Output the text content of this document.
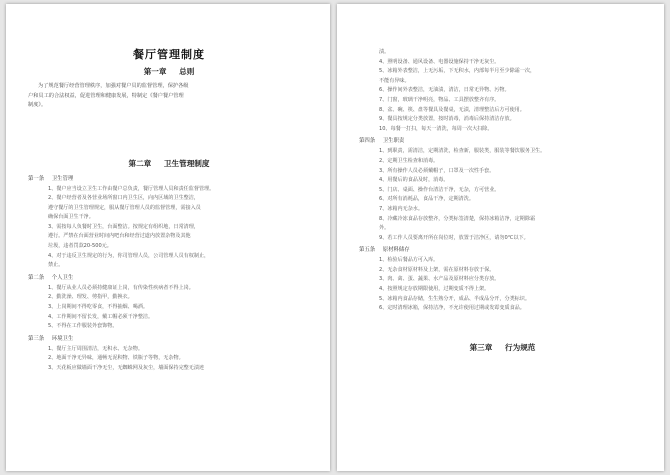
餐厅管理制度
第一章 总则
为了规范餐厅经营管理秩序，加强对餐户员的监督管理，保护各级
户和员工的合法权益，促进管理和健康发展，特制定《餐户餐户管理
制度》。
第二章 卫生管理制度
第一条 卫生管理
1、餐户应当设立卫生工作由餐户总负责，餐厅管理人员和责任监督管理。
2、餐户经营者及各营业场所窗口内卫生区，向内区域的卫生整洁，
遵守餐厅的卫生管理规定，服从餐厅管理人员的监督管理，需接入员
确保台面卫生干净。
3、需按每人负餐时卫生，台面整洁。按规定有组织地，日常清理，
遵行。严禁在台面营业时间内吧台和经营过道内放置杂物及其他
垃圾，违者罚款20-500元。
4、对于违反卫生规定的行为，你司管理人员，公司管理人员有权制止，
禁止。
第二条 个人卫生
1、餐厅从业人员必须持健康证上岗，有传染性疾病者不得上岗。
2、勤洗澡、理发、剪指甲，勤换衣。
3、上岗期间不得吃零食，不得抽烟、喝酒。
4、工作期间不留长发，戴工帽必须干净整洁。
5、不得在工作服装外套饰物。
第三条 环境卫生
1、餐厅主厅周围清洁，无积水、无杂物。
2、地面干净无异味，通畅无泥积物、铁瓶子等物，无杂物。
3、天花板应做墙面干净无尘，无蜘蛛网及灰尘，墙面保持完整无渍迹
渍。
4、照明设备、通风设备、电器设施保持干净无灰尘。
5、冰箱外表整洁，上无污垢，下无积水，内部每半月至少除霜一次，
不能有异味。
6、操作间外表整洁，无油渍，清洁，日常无异物、污物。
7、门窗，玻璃干净明亮，物品、工具摆放整齐有序。
8、盆、碗、筷、盘等餐具及餐桌，无渍，清理整洁后方可使用。
9、餐具按规定分类放置，按时消毒，消毒后保持清洁存放。
10、每餐一打扫，每天一清洗，每周一次大扫除。
第四条 卫生职责
1、到职责，需清洁，定期清洗，检查新，服装类，服装等餐饮服务卫生。
2、定期卫生检查和消毒。
3、所有操作人员必须戴帽子，口罩及一次性手套。
4、用餐后的食品及时，消毒。
5、门店、桌面、操作台清洁干净，无杂，方可营业。
6、对所有消耗品，食品干净，定期清洗。
7、冰箱内无杂水。
8、冷藏冷冻食品存放整齐，分类标签清楚，保持冰箱洁净，定期除霜
外。
9、若工作人员要离开所在岗位时，放置于洁净区，请勿0℃以下。
第五条 原材料储存
1、检验后餐品方可入库。
2、无杂食材原材料及上架，需在原材料存放于保。
3、肉、禽、蛋、蔬果、水产品及原材料应分类存放。
4、按照规定存放期限使用，过期变质不得上架。
5、冰箱内食品存储，生生熟分开，成品、半成品分开，分类标识。
6、定时清理冰箱，保持洁净，不允许使用过期或发霉变质食品。
第三章 行为规范
